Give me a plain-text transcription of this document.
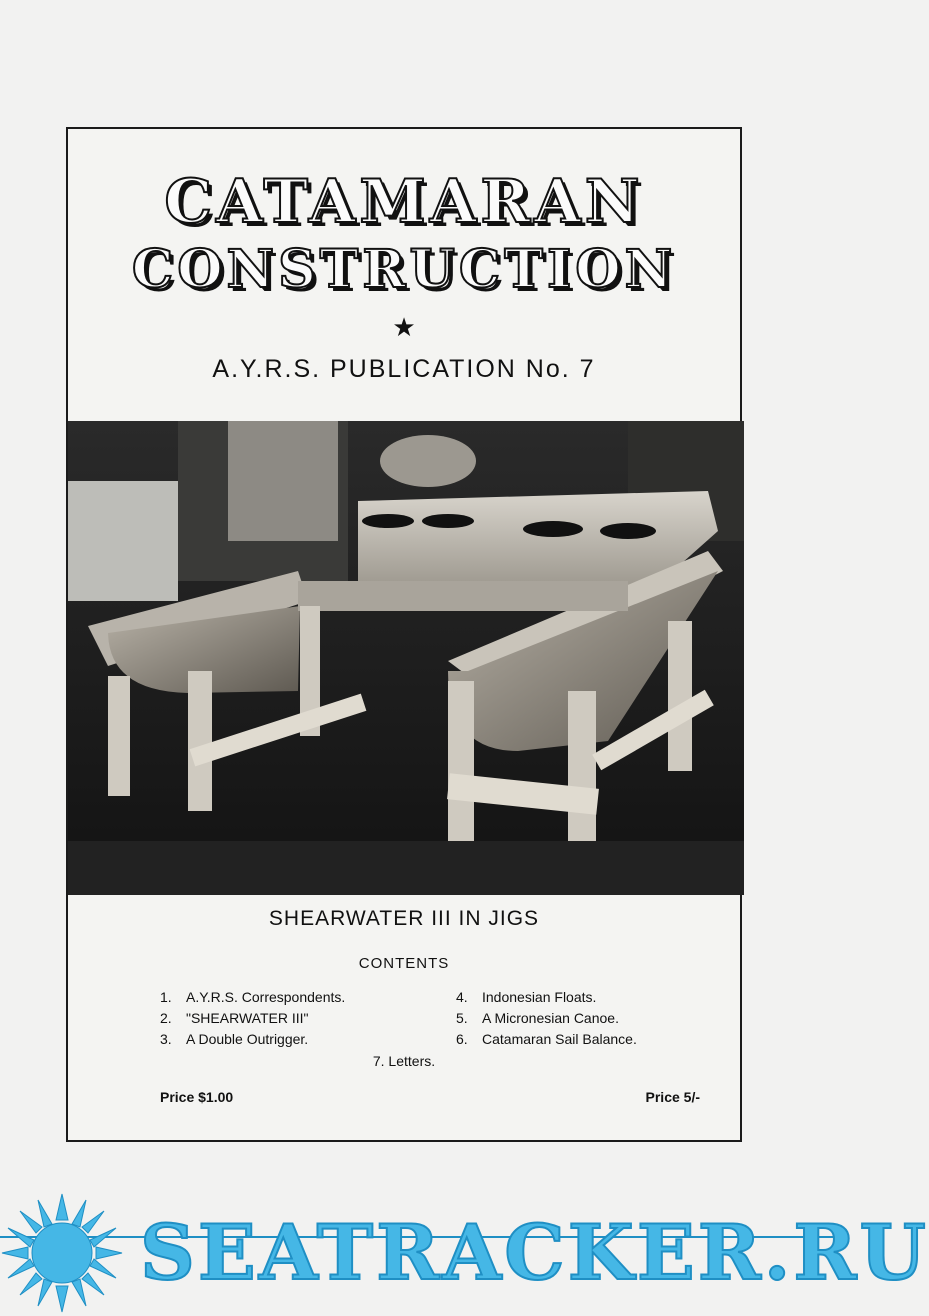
CATAMARAN
CONSTRUCTION
★
A.Y.R.S. PUBLICATION No. 7
SHEARWATER III IN JIGS
CONTENTS
1.	A.Y.R.S. Correspondents.
2.	"SHEARWATER III"
3.	A Double Outrigger.
4.	Indonesian Floats.
5.	A Micronesian Canoe.
6.	Catamaran Sail Balance.
7. Letters.
Price $1.00	Price 5/-
SEATRACKER.RU
